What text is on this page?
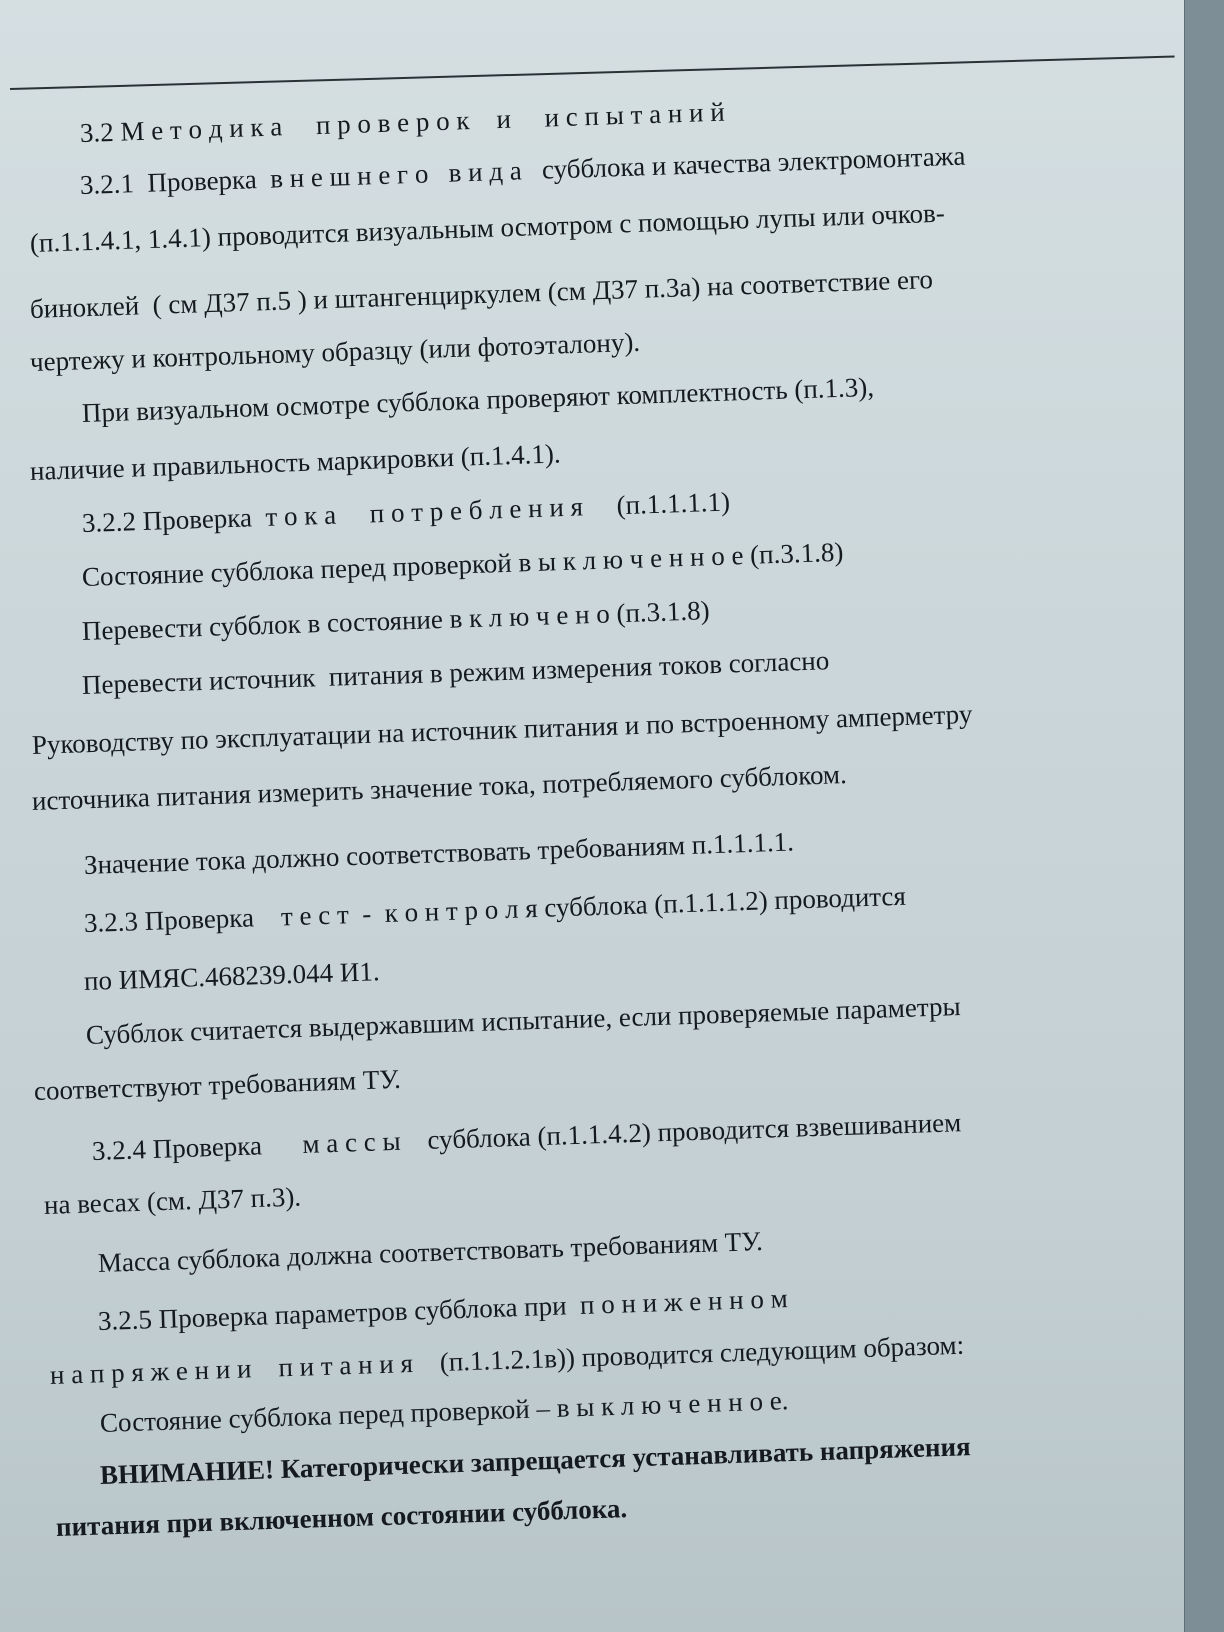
3.2 М е т о д и к а     п р о в е р о к    и     и с п ы т а н и й
3.2.1  Проверка  в н е ш н е г о   в и д а   субблока и качества электромонтажа
(п.1.1.4.1, 1.4.1) проводится визуальным осмотром с помощью лупы или очков-
биноклей  ( см Д37 п.5 ) и штангенциркулем (см Д37 п.3а) на соответствие его
чертежу и контрольному образцу (или фотоэталону).
При визуальном осмотре субблока проверяют комплектность (п.1.3),
наличие и правильность маркировки (п.1.4.1).
3.2.2 Проверка  т о к а     п о т р е б л е н и я     (п.1.1.1.1)
Состояние субблока перед проверкой в ы к л ю ч е н н о е (п.3.1.8)
Перевести субблок в состояние в к л ю ч е н о (п.3.1.8)
Перевести источник  питания в режим измерения токов согласно
Руководству по эксплуатации на источник питания и по встроенному амперметру
источника питания измерить значение тока, потребляемого субблоком.
Значение тока должно соответствовать требованиям п.1.1.1.1.
3.2.3 Проверка    т е с т  -  к о н т р о л я субблока (п.1.1.1.2) проводится
по ИМЯС.468239.044 И1.
Субблок считается выдержавшим испытание, если проверяемые параметры
соответствуют требованиям ТУ.
3.2.4 Проверка      м а с с ы    субблока (п.1.1.4.2) проводится взвешиванием
на весах (см. Д37 п.3).
Масса субблока должна соответствовать требованиям ТУ.
3.2.5 Проверка параметров субблока при  п о н и ж е н н о м
н а п р я ж е н и и    п и т а н и я    (п.1.1.2.1в)) проводится следующим образом:
Состояние субблока перед проверкой – в ы к л ю ч е н н о е.
ВНИМАНИЕ! Категорически запрещается устанавливать напряжения
питания при включенном состоянии субблока.
